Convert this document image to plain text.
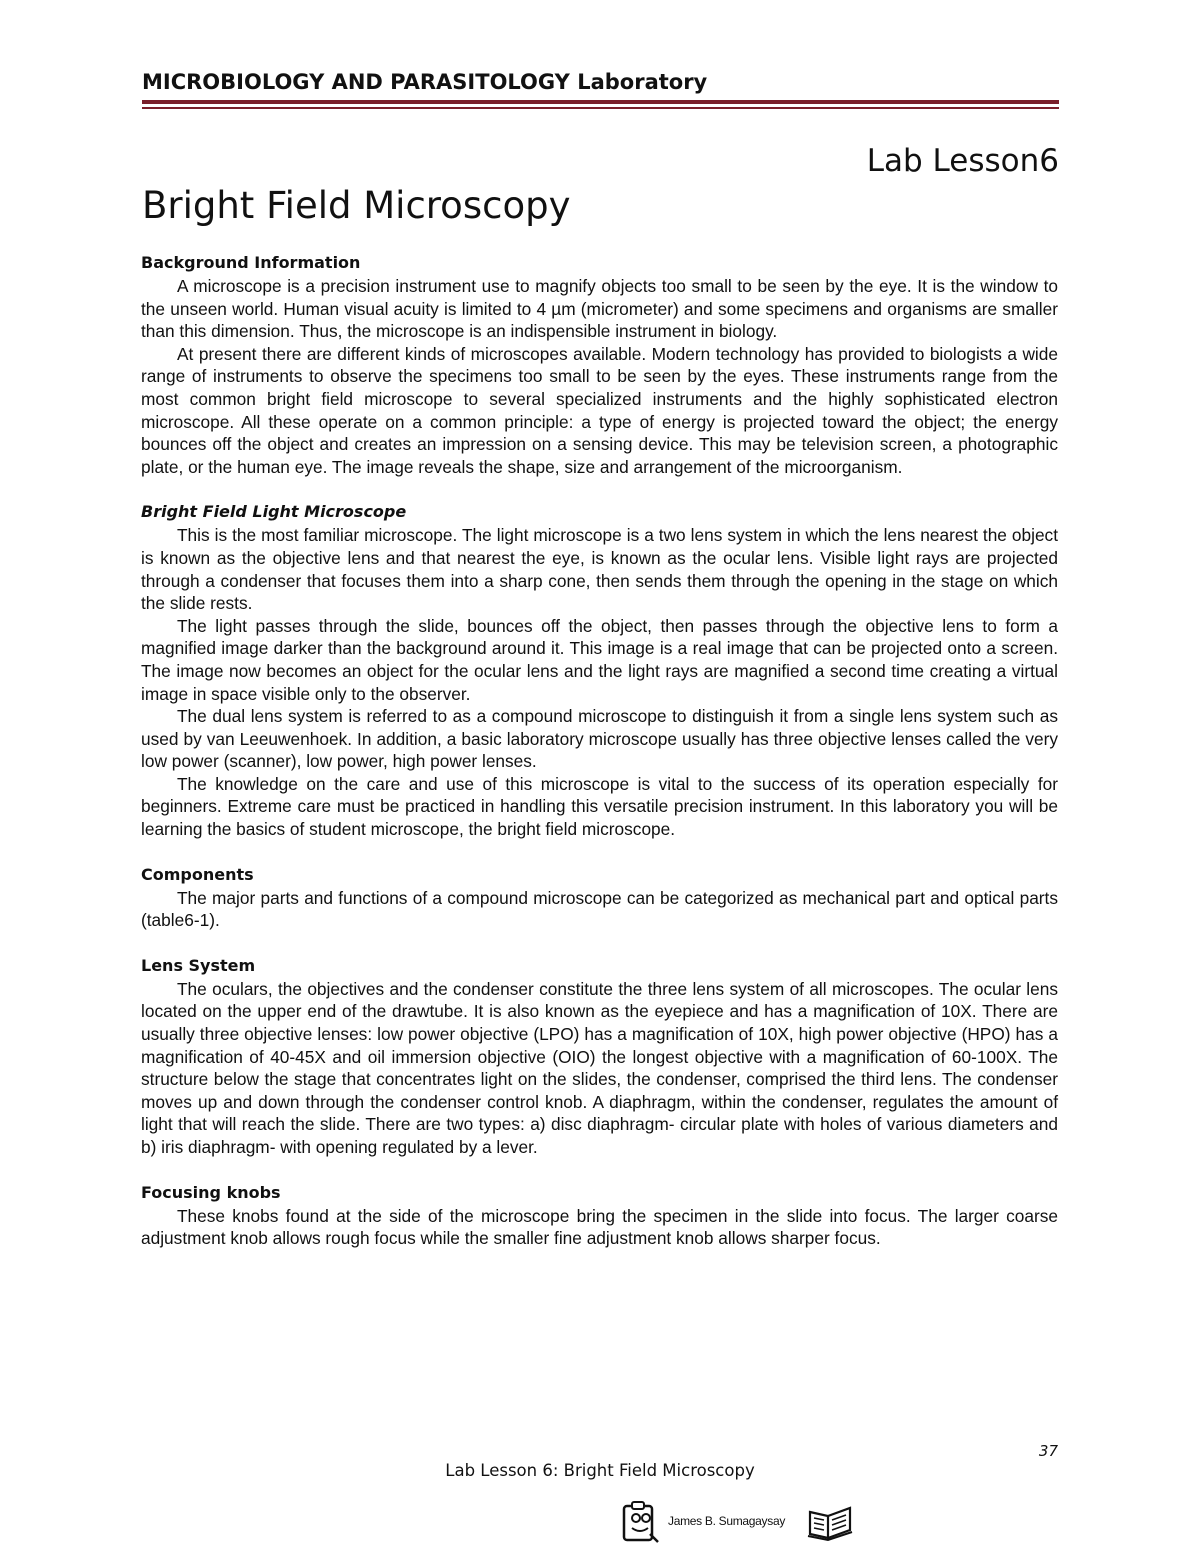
MICROBIOLOGY AND PARASITOLOGY Laboratory
Lab Lesson6
Bright Field Microscopy

Background Information

A microscope is a precision instrument use to magnify objects too small to be seen by the eye. It is the window to the unseen world. Human visual acuity is limited to 4 µm (micrometer) and some specimens and organisms are smaller than this dimension. Thus, the microscope is an indispensible instrument in biology.

At present there are different kinds of microscopes available. Modern technology has provided to biologists a wide range of instruments to observe the specimens too small to be seen by the eyes. These instruments range from the most common bright field microscope to several specialized instruments and the highly sophisticated electron microscope. All these operate on a common principle: a type of energy is projected toward the object; the energy bounces off the object and creates an impression on a sensing device. This may be television screen, a photographic plate, or the human eye. The image reveals the shape, size and arrangement of the microorganism.

Bright Field Light Microscope

This is the most familiar microscope. The light microscope is a two lens system in which the lens nearest the object is known as the objective lens and that nearest the eye, is known as the ocular lens. Visible light rays are projected through a condenser that focuses them into a sharp cone, then sends them through the opening in the stage on which the slide rests.

The light passes through the slide, bounces off the object, then passes through the objective lens to form a magnified image darker than the background around it. This image is a real image that can be projected onto a screen. The image now becomes an object for the ocular lens and the light rays are magnified a second time creating a virtual image in space visible only to the observer.

The dual lens system is referred to as a compound microscope to distinguish it from a single lens system such as used by van Leeuwenhoek. In addition, a basic laboratory microscope usually has three objective lenses called the very low power (scanner), low power, high power lenses.

The knowledge on the care and use of this microscope is vital to the success of its operation especially for beginners. Extreme care must be practiced in handling this versatile precision instrument. In this laboratory you will be learning the basics of student microscope, the bright field microscope.

Components

The major parts and functions of a compound microscope can be categorized as mechanical part and optical parts (table6-1).

Lens System

The oculars, the objectives and the condenser constitute the three lens system of all microscopes. The ocular lens located on the upper end of the drawtube. It is also known as the eyepiece and has a magnification of 10X. There are usually three objective lenses: low power objective (LPO) has a magnification of 10X, high power objective (HPO) has a magnification of 40-45X and oil immersion objective (OIO) the longest objective with a magnification of 60-100X. The structure below the stage that concentrates light on the slides, the condenser, comprised the third lens. The condenser moves up and down through the condenser control knob. A diaphragm, within the condenser, regulates the amount of light that will reach the slide. There are two types: a) disc diaphragm- circular plate with holes of various diameters and b) iris diaphragm- with opening regulated by a lever.

Focusing knobs

These knobs found at the side of the microscope bring the specimen in the slide into focus. The larger coarse adjustment knob allows rough focus while the smaller fine adjustment knob allows sharper focus.

37
Lab Lesson 6: Bright Field Microscopy
James B. Sumagaysay
